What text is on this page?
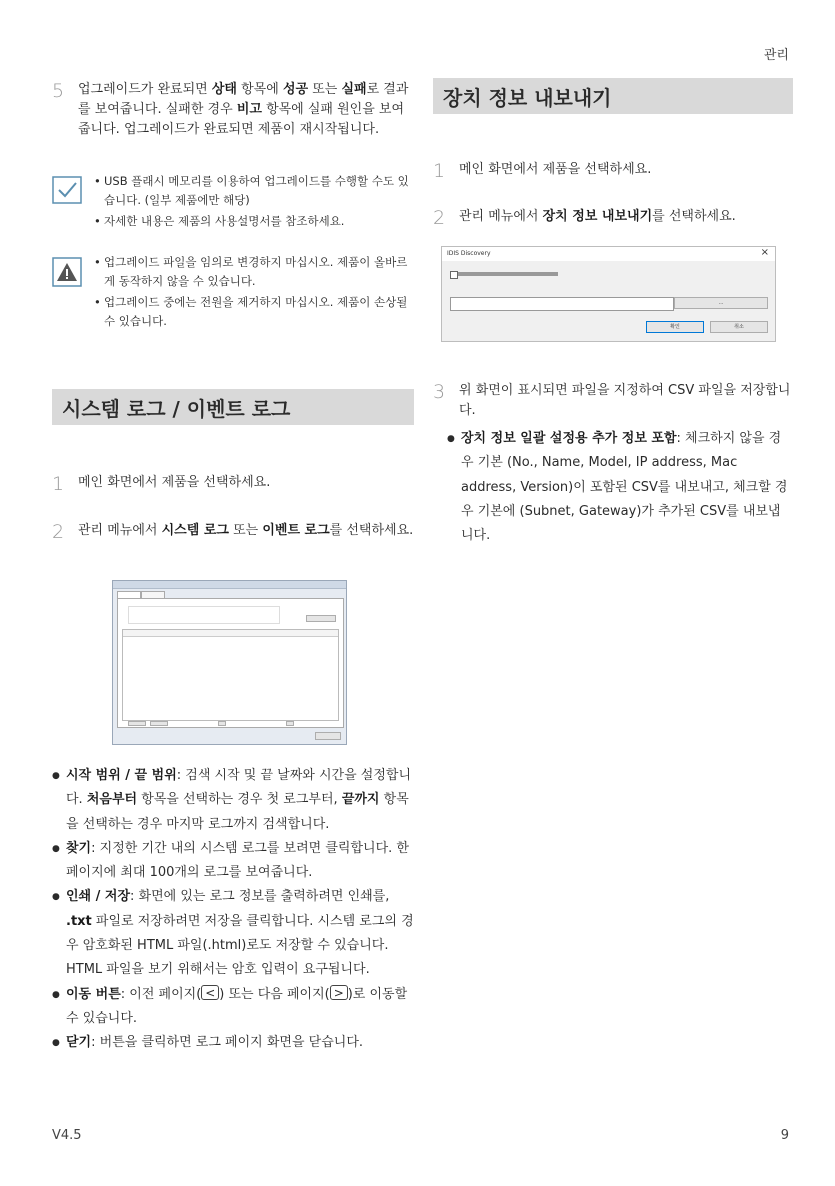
관리
5	업그레이드가 완료되면 상태 항목에 성공 또는 실패로 결과를 보여줍니다. 실패한 경우 비고 항목에 실패 원인을 보여줍니다. 업그레이드가 완료되면 제품이 재시작됩니다.
• USB 플래시 메모리를 이용하여 업그레이드를 수행할 수도 있습니다. (일부 제품에만 해당)
• 자세한 내용은 제품의 사용설명서를 참조하세요.
• 업그레이드 파일을 임의로 변경하지 마십시오. 제품이 올바르게 동작하지 않을 수 있습니다.
• 업그레이드 중에는 전원을 제거하지 마십시오. 제품이 손상될 수 있습니다.
시스템 로그 / 이벤트 로그
1	메인 화면에서 제품을 선택하세요.
2	관리 메뉴에서 시스템 로그 또는 이벤트 로그를 선택하세요.
● 시작 범위 / 끝 범위: 검색 시작 및 끝 날짜와 시간을 설정합니다. 처음부터 항목을 선택하는 경우 첫 로그부터, 끝까지 항목을 선택하는 경우 마지막 로그까지 검색합니다.
● 찾기: 지정한 기간 내의 시스템 로그를 보려면 클릭합니다. 한 페이지에 최대 100개의 로그를 보여줍니다.
● 인쇄 / 저장: 화면에 있는 로그 정보를 출력하려면 인쇄를, .txt 파일로 저장하려면 저장을 클릭합니다. 시스템 로그의 경우 암호화된 HTML 파일(.html)로도 저장할 수 있습니다. HTML 파일을 보기 위해서는 암호 입력이 요구됩니다.
● 이동 버튼: 이전 페이지( < ) 또는 다음 페이지( > )로 이동할 수 있습니다.
● 닫기: 버튼을 클릭하면 로그 페이지 화면을 닫습니다.
장치 정보 내보내기
1	메인 화면에서 제품을 선택하세요.
2	관리 메뉴에서 장치 정보 내보내기를 선택하세요.
IDIS Discovery	×
...
확인	취소
3	위 화면이 표시되면 파일을 지정하여 CSV 파일을 저장합니다.
● 장치 정보 일괄 설정용 추가 정보 포함: 체크하지 않을 경우 기본 (No., Name, Model, IP address, Mac address, Version)이 포함된 CSV를 내보내고, 체크할 경우 기본에 (Subnet, Gateway)가 추가된 CSV를 내보냅니다.
V4.5	9
